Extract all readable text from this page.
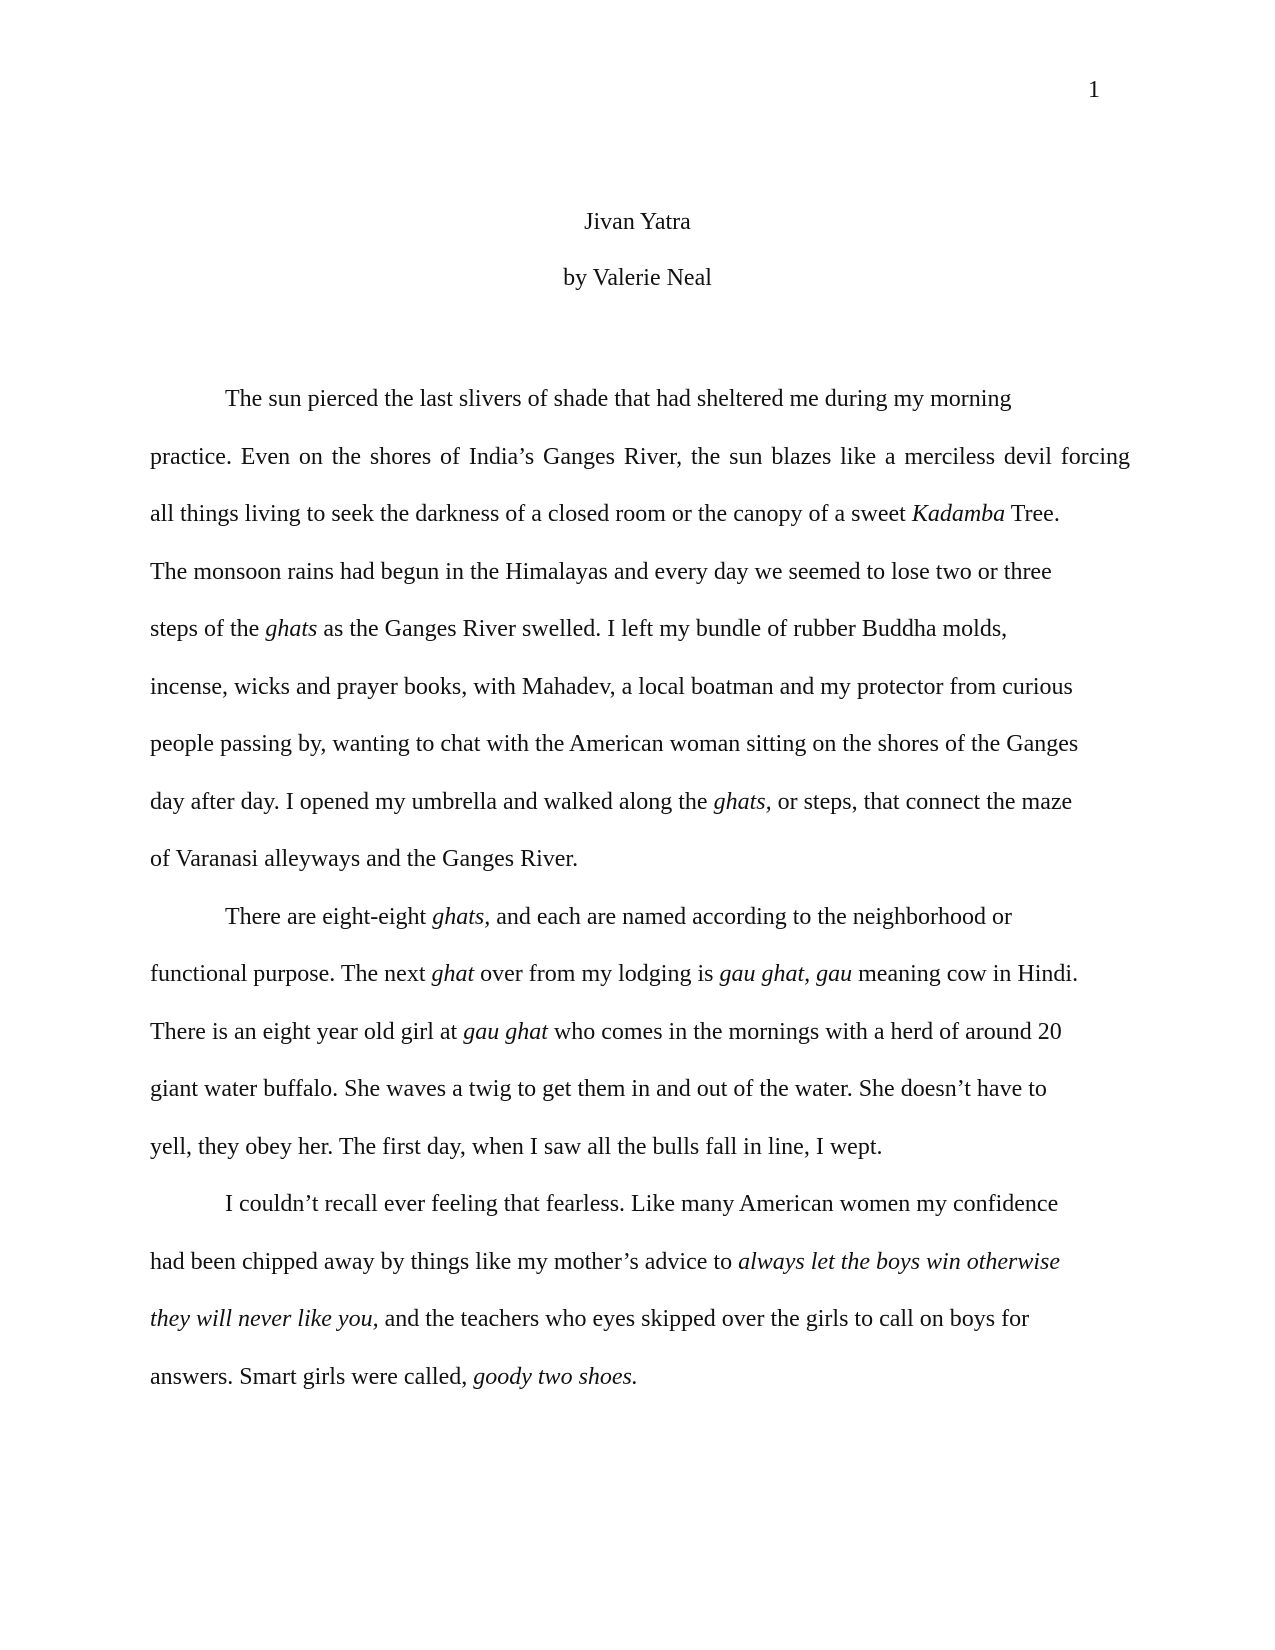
1
Jivan Yatra
by Valerie Neal
The sun pierced the last slivers of shade that had sheltered me during my morning
practice. Even on the shores of India’s Ganges River, the sun blazes like a merciless devil forcing
all things living to seek the darkness of a closed room or the canopy of a sweet Kadamba Tree.
The monsoon rains had begun in the Himalayas and every day we seemed to lose two or three
steps of the ghats as the Ganges River swelled. I left my bundle of rubber Buddha molds,
incense, wicks and prayer books, with Mahadev, a local boatman and my protector from curious
people passing by, wanting to chat with the American woman sitting on the shores of the Ganges
day after day. I opened my umbrella and walked along the ghats, or steps, that connect the maze
of Varanasi alleyways and the Ganges River.
There are eight-eight ghats, and each are named according to the neighborhood or
functional purpose. The next ghat over from my lodging is gau ghat, gau meaning cow in Hindi.
There is an eight year old girl at gau ghat who comes in the mornings with a herd of around 20
giant water buffalo. She waves a twig to get them in and out of the water. She doesn’t have to
yell, they obey her. The first day, when I saw all the bulls fall in line, I wept.
I couldn’t recall ever feeling that fearless. Like many American women my confidence
had been chipped away by things like my mother’s advice to always let the boys win otherwise
they will never like you, and the teachers who eyes skipped over the girls to call on boys for
answers. Smart girls were called, goody two shoes.
